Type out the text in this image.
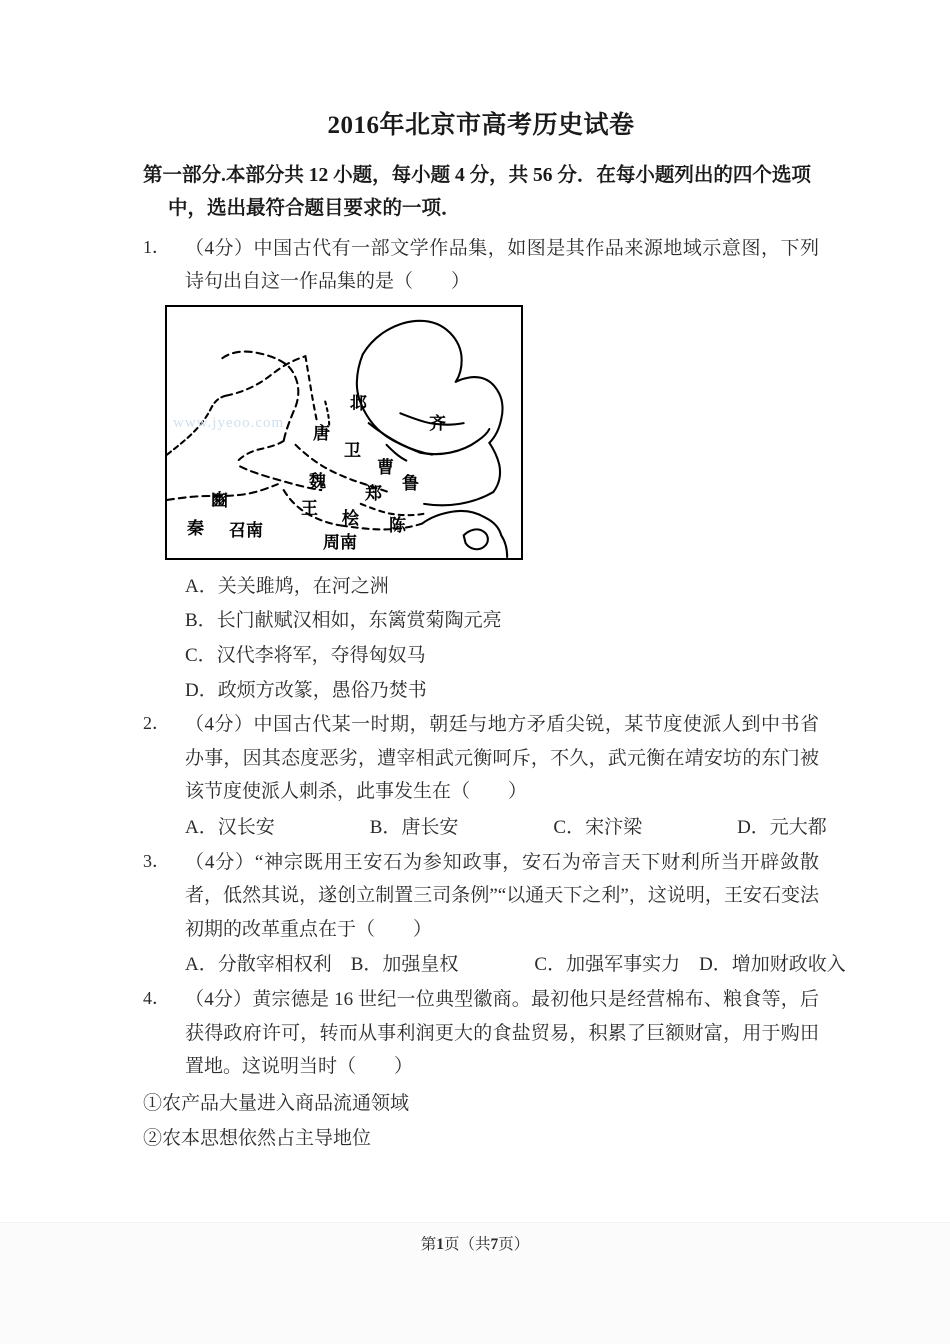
2016年北京市高考历史试卷
第一部分.本部分共 12 小题，每小题 4 分，共 56 分．在每小题列出的四个选项
中，选出最符合题目要求的一项．
1． （4分）中国古代有一部文学作品集，如图是其作品来源地域示意图，下列诗句出自这一作品集的是（　　）
www.jyeoo.com
邶
齐
唐
卫
曹
鲁
魏
郑
豳	王
桧 陈
秦 召南
周南
A．关关雎鸠，在河之洲
B．长门献赋汉相如，东篱赏菊陶元亮
C．汉代李将军，夺得匈奴马
D．政烦方改篆，愚俗乃焚书
2． （4分）中国古代某一时期，朝廷与地方矛盾尖锐，某节度使派人到中书省办事，因其态度恶劣，遭宰相武元衡呵斥，不久，武元衡在靖安坊的东门被该节度使派人刺杀，此事发生在（　　）
A．汉长安　　　　　B．唐长安　　　　　C．宋汴梁　　　　　D．元大都
3． （4分）“神宗既用王安石为参知政事，安石为帝言天下财利所当开辟敛散者，低然其说，遂创立制置三司条例”“以通天下之利”，这说明，王安石变法初期的改革重点在于（　　）
A．分散宰相权利　B．加强皇权　　　　C．加强军事实力　D．增加财政收入
4． （4分）黄宗德是 16 世纪一位典型徽商。最初他只是经营棉布、粮食等，后获得政府许可，转而从事利润更大的食盐贸易，积累了巨额财富，用于购田置地。这说明当时（　　）
①农产品大量进入商品流通领域
②农本思想依然占主导地位
第1页（共7页）
